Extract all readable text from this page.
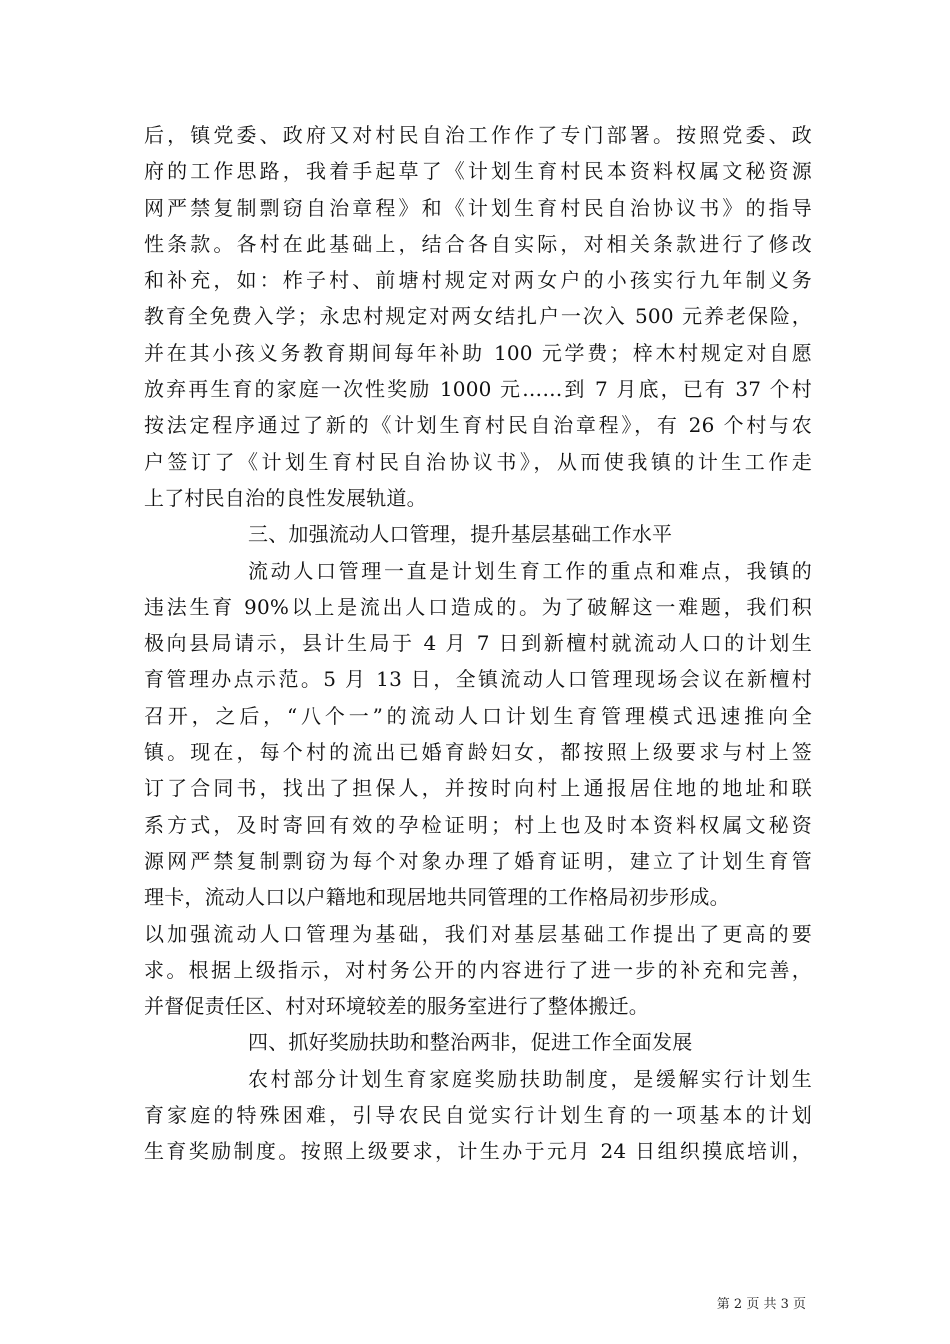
后，镇党委、政府又对村民自治工作作了专门部署。按照党委、政
府的工作思路，我着手起草了《计划生育村民本资料权属文秘资源
网严禁复制剽窃自治章程》和《计划生育村民自治协议书》的指导
性条款。各村在此基础上，结合各自实际，对相关条款进行了修改
和补充，如：柞子村、前塘村规定对两女户的小孩实行九年制义务
教育全免费入学；永忠村规定对两女结扎户一次入 500 元养老保险，
并在其小孩义务教育期间每年补助 100 元学费；梓木村规定对自愿
放弃再生育的家庭一次性奖励 1000 元……到 7 月底，已有 37 个村
按法定程序通过了新的《计划生育村民自治章程》，有 26 个村与农
户签订了《计划生育村民自治协议书》，从而使我镇的计生工作走
上了村民自治的良性发展轨道。
三、加强流动人口管理，提升基层基础工作水平
流动人口管理一直是计划生育工作的重点和难点，我镇的
违法生育 90%以上是流出人口造成的。为了破解这一难题，我们积
极向县局请示，县计生局于 4 月 7 日到新檀村就流动人口的计划生
育管理办点示范。5 月 13 日，全镇流动人口管理现场会议在新檀村
召开，之后，“八个一”的流动人口计划生育管理模式迅速推向全
镇。现在，每个村的流出已婚育龄妇女，都按照上级要求与村上签
订了合同书，找出了担保人，并按时向村上通报居住地的地址和联
系方式，及时寄回有效的孕检证明；村上也及时本资料权属文秘资
源网严禁复制剽窃为每个对象办理了婚育证明，建立了计划生育管
理卡，流动人口以户籍地和现居地共同管理的工作格局初步形成。
以加强流动人口管理为基础，我们对基层基础工作提出了更高的要
求。根据上级指示，对村务公开的内容进行了进一步的补充和完善，
并督促责任区、村对环境较差的服务室进行了整体搬迁。
四、抓好奖励扶助和整治两非，促进工作全面发展
农村部分计划生育家庭奖励扶助制度，是缓解实行计划生
育家庭的特殊困难，引导农民自觉实行计划生育的一项基本的计划
生育奖励制度。按照上级要求，计生办于元月 24 日组织摸底培训，
第 2 页 共 3 页
